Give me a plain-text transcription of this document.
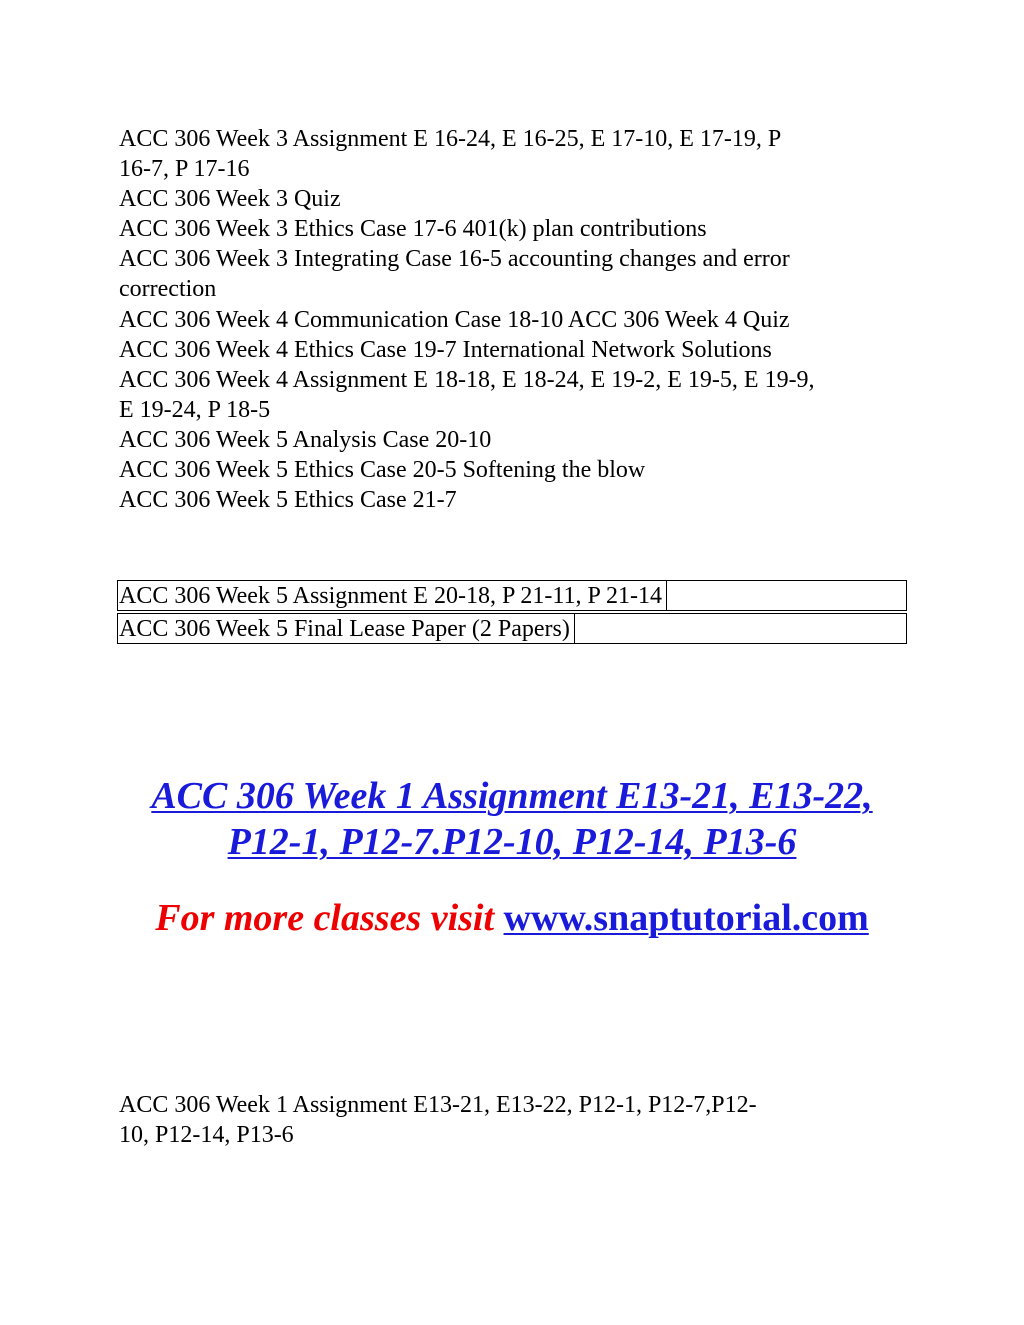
ACC 306 Week 3 Assignment E 16-24, E 16-25, E 17-10, E 17-19, P
16-7, P 17-16
ACC 306 Week 3 Quiz
ACC 306 Week 3 Ethics Case 17-6 401(k) plan contributions
ACC 306 Week 3 Integrating Case 16-5 accounting changes and error
correction
ACC 306 Week 4 Communication Case 18-10 ACC 306 Week 4 Quiz
ACC 306 Week 4 Ethics Case 19-7 International Network Solutions
ACC 306 Week 4 Assignment E 18-18, E 18-24, E 19-2, E 19-5, E 19-9,
E 19-24, P 18-5
ACC 306 Week 5 Analysis Case 20-10
ACC 306 Week 5 Ethics Case 20-5 Softening the blow
ACC 306 Week 5 Ethics Case 21-7
ACC 306 Week 5 Assignment E 20-18, P 21-11, P 21-14
ACC 306 Week 5 Final Lease Paper (2 Papers)
ACC 306 Week 1 Assignment E13-21, E13-22,
P12-1, P12-7.P12-10, P12-14, P13-6
For more classes visit www.snaptutorial.com
ACC 306 Week 1 Assignment E13-21, E13-22, P12-1, P12-7,P12-
10, P12-14, P13-6
